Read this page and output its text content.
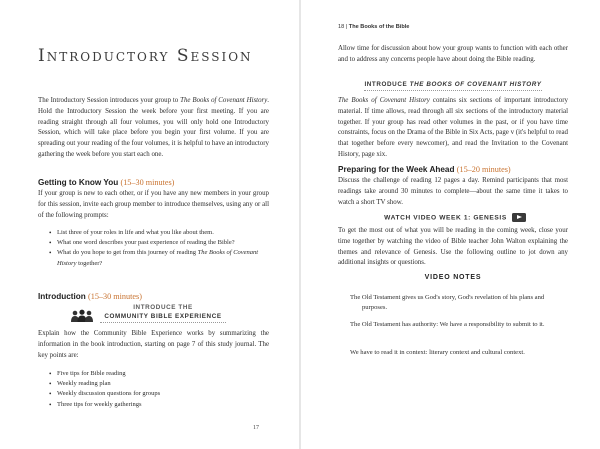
Introductory Session

The Introductory Session introduces your group to The Books of Covenant History. Hold the Introductory Session the week before your first meeting. If you are reading straight through all four volumes, you will only hold one Introductory Session, which will take place before you begin your first volume. If you are spreading out your reading of the four volumes, it is helpful to have an introductory gathering the week before you start each one.

Getting to Know You (15–30 minutes)

If your group is new to each other, or if you have any new members in your group for this session, invite each group member to introduce themselves, using any or all of the following prompts:

• List three of your roles in life and what you like about them.
• What one word describes your past experience of reading the Bible?
• What do you hope to get from this journey of reading The Books of Covenant History together?
Introduction (15–30 minutes)
INTRODUCE THE
COMMUNITY BIBLE EXPERIENCE

Explain how the Community Bible Experience works by summarizing the information in the book introduction, starting on page 7 of this study journal. The key points are:

• Five tips for Bible reading
• Weekly reading plan
• Weekly discussion questions for groups
• Three tips for weekly gatherings
17
18 | The Books of the Bible

Allow time for discussion about how your group wants to function with each other and to address any concerns people have about doing the Bible reading.

INTRODUCE THE BOOKS OF COVENANT HISTORY

The Books of Covenant History contains six sections of important introductory material. If time allows, read through all six sections of the introductory material together. If your group has read other volumes in the past, or if you have time constraints, focus on the Drama of the Bible in Six Acts, page v (it's helpful to read that together before every newcomer), and read the Invitation to the Covenant History, page xix.

Preparing for the Week Ahead (15–20 minutes)

Discuss the challenge of reading 12 pages a day. Remind participants that most readings take around 30 minutes to complete—about the same time it takes to watch a short TV show.

WATCH VIDEO WEEK 1: GENESIS

To get the most out of what you will be reading in the coming week, close your time together by watching the video of Bible teacher John Walton explaining the themes and relevance of Genesis. Use the following outline to jot down any additional insights or questions.

VIDEO NOTES

The Old Testament gives us God's story, God's revelation of his plans and purposes.

The Old Testament has authority: We have a responsibility to submit to it.

We have to read it in context: literary context and cultural context.
